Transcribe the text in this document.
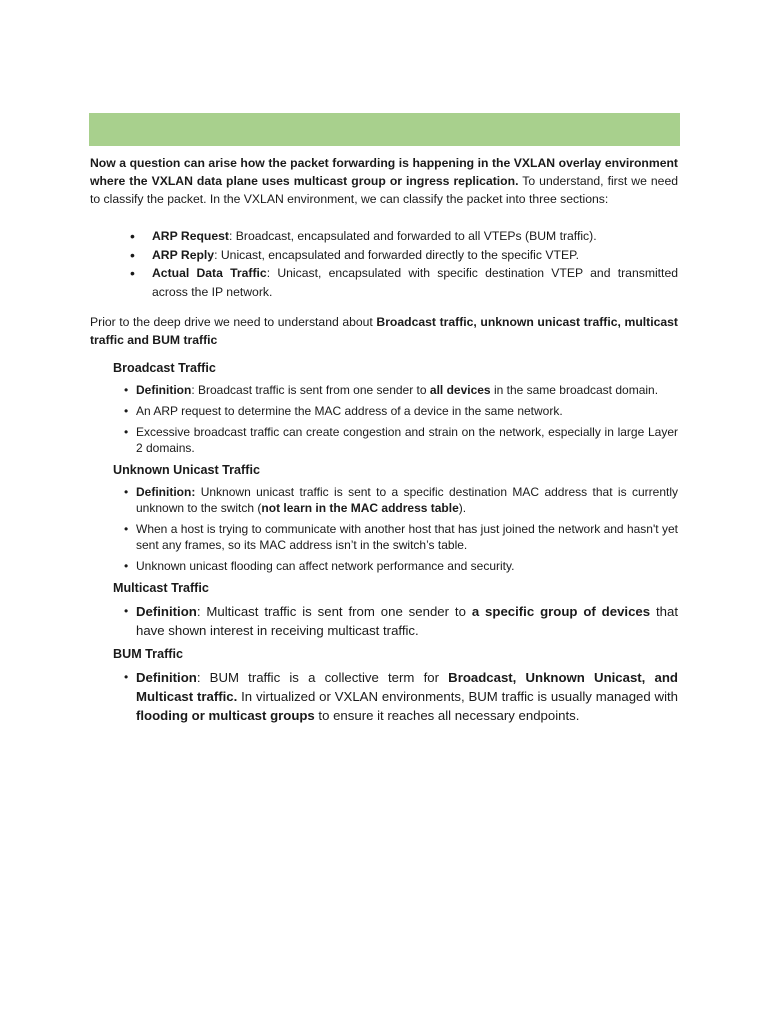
Now a question can arise how the packet forwarding is happening in the VXLAN overlay environment where the VXLAN data plane uses multicast group or ingress replication. To understand, first we need to classify the packet. In the VXLAN environment, we can classify the packet into three sections:

• ARP Request: Broadcast, encapsulated and forwarded to all VTEPs (BUM traffic).
• ARP Reply: Unicast, encapsulated and forwarded directly to the specific VTEP.
• Actual Data Traffic: Unicast, encapsulated with specific destination VTEP and transmitted across the IP network.

Prior to the deep drive we need to understand about Broadcast traffic, unknown unicast traffic, multicast traffic and BUM traffic

Broadcast Traffic
• Definition: Broadcast traffic is sent from one sender to all devices in the same broadcast domain.
• An ARP request to determine the MAC address of a device in the same network.
• Excessive broadcast traffic can create congestion and strain on the network, especially in large Layer 2 domains.
Unknown Unicast Traffic
• Definition: Unknown unicast traffic is sent to a specific destination MAC address that is currently unknown to the switch (not learn in the MAC address table).
• When a host is trying to communicate with another host that has just joined the network and hasn't yet sent any frames, so its MAC address isn’t in the switch’s table.
• Unknown unicast flooding can affect network performance and security.
Multicast Traffic
• Definition: Multicast traffic is sent from one sender to a specific group of devices that have shown interest in receiving multicast traffic.
BUM Traffic
• Definition: BUM traffic is a collective term for Broadcast, Unknown Unicast, and Multicast traffic. In virtualized or VXLAN environments, BUM traffic is usually managed with flooding or multicast groups to ensure it reaches all necessary endpoints.
